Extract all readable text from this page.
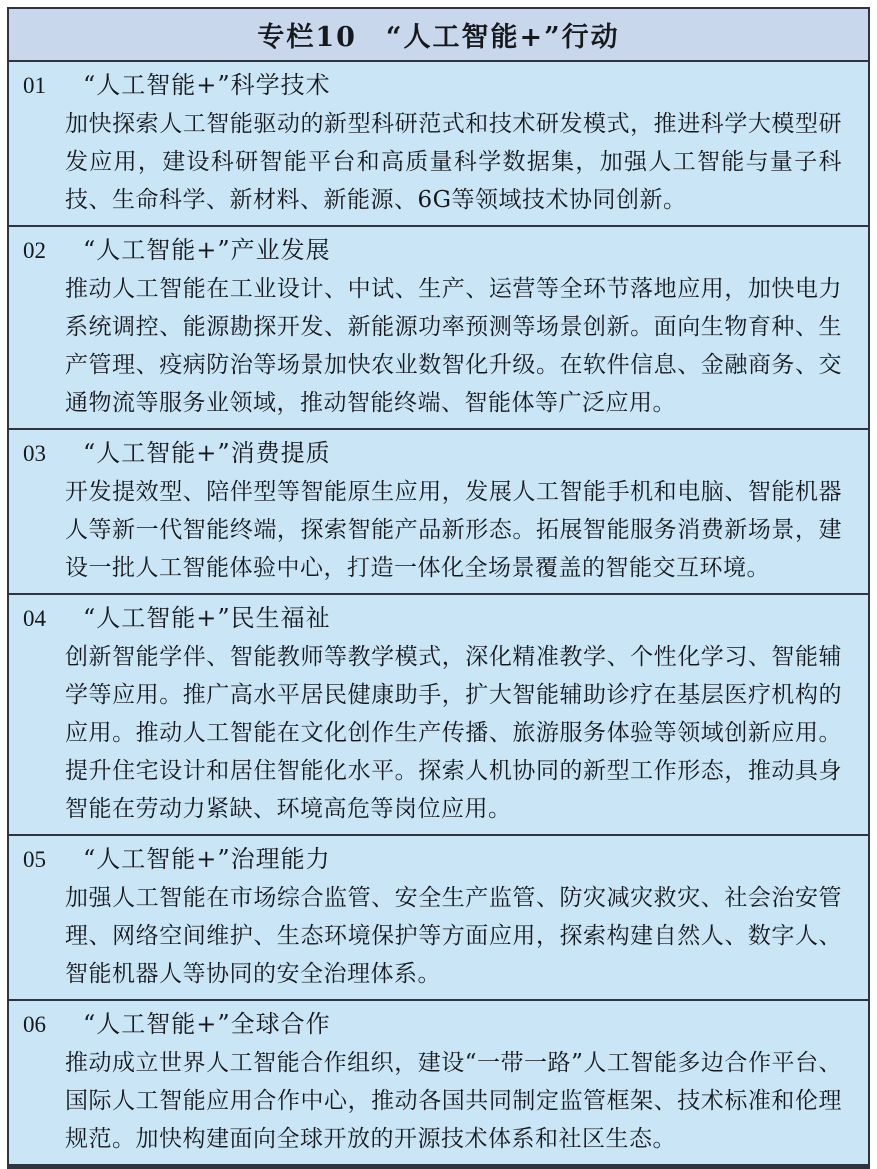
专栏10　“人工智能+”行动
01	“人工智能+”科学技术

加快探索人工智能驱动的新型科研范式和技术研发模式，推进科学大模型研发应用，建设科研智能平台和高质量科学数据集，加强人工智能与量子科技、生命科学、新材料、新能源、6G等领域技术协同创新。

02	“人工智能+”产业发展

推动人工智能在工业设计、中试、生产、运营等全环节落地应用，加快电力系统调控、能源勘探开发、新能源功率预测等场景创新。面向生物育种、生产管理、疫病防治等场景加快农业数智化升级。在软件信息、金融商务、交通物流等服务业领域，推动智能终端、智能体等广泛应用。

03	“人工智能+”消费提质

开发提效型、陪伴型等智能原生应用，发展人工智能手机和电脑、智能机器人等新一代智能终端，探索智能产品新形态。拓展智能服务消费新场景，建设一批人工智能体验中心，打造一体化全场景覆盖的智能交互环境。

04	“人工智能+”民生福祉

创新智能学伴、智能教师等教学模式，深化精准教学、个性化学习、智能辅学等应用。推广高水平居民健康助手，扩大智能辅助诊疗在基层医疗机构的应用。推动人工智能在文化创作生产传播、旅游服务体验等领域创新应用。提升住宅设计和居住智能化水平。探索人机协同的新型工作形态，推动具身智能在劳动力紧缺、环境高危等岗位应用。

05	“人工智能+”治理能力

加强人工智能在市场综合监管、安全生产监管、防灾减灾救灾、社会治安管理、网络空间维护、生态环境保护等方面应用，探索构建自然人、数字人、智能机器人等协同的安全治理体系。

06	“人工智能+”全球合作

推动成立世界人工智能合作组织，建设“一带一路”人工智能多边合作平台、国际人工智能应用合作中心，推动各国共同制定监管框架、技术标准和伦理规范。加快构建面向全球开放的开源技术体系和社区生态。
